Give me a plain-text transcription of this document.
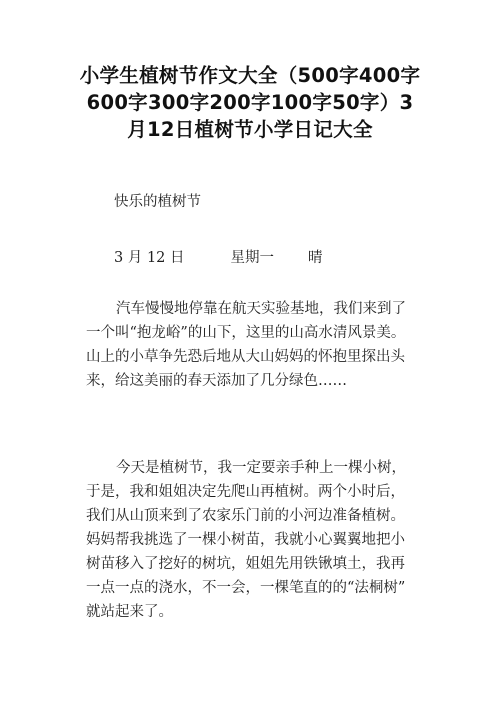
小学生植树节作文大全（500字400字
600字300字200字100字50字）3
月12日植树节小学日记大全

快乐的植树节

3 月 12 日	星期一 晴

汽车慢慢地停靠在航天实验基地，我们来到了
一个叫“抱龙峪”的山下，这里的山高水清风景美。
山上的小草争先恐后地从大山妈妈的怀抱里探出头
来，给这美丽的春天添加了几分绿色……

今天是植树节，我一定要亲手种上一棵小树，
于是，我和姐姐决定先爬山再植树。两个小时后，
我们从山顶来到了农家乐门前的小河边准备植树。
妈妈帮我挑选了一棵小树苗，我就小心翼翼地把小
树苗移入了挖好的树坑，姐姐先用铁锹填土，我再
一点一点的浇水，不一会，一棵笔直的的“法桐树”
就站起来了。
